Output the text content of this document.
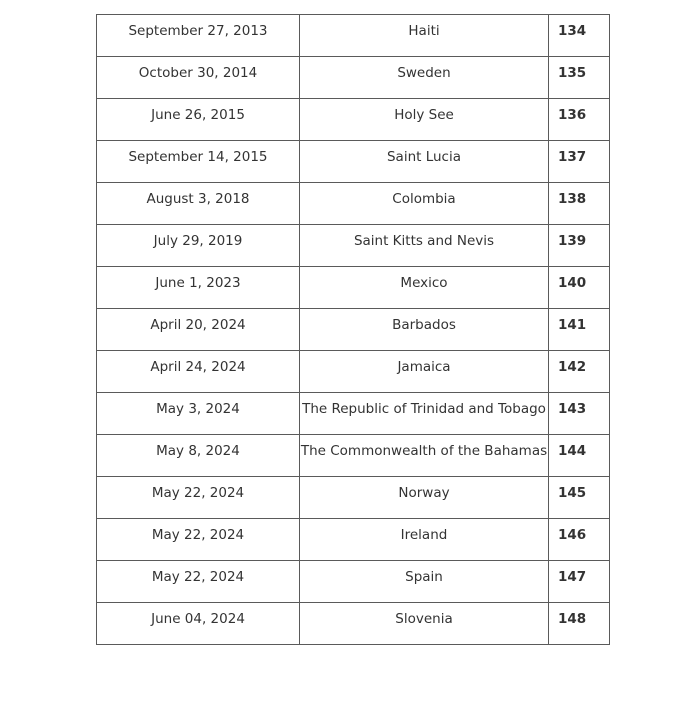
September 27, 2013	Haiti	134
October 30, 2014	Sweden	135
June 26, 2015	Holy See	136
September 14, 2015	Saint Lucia	137
August 3, 2018	Colombia	138
July 29, 2019	Saint Kitts and Nevis	139
June 1, 2023	Mexico	140
April 20, 2024	Barbados	141
April 24, 2024	Jamaica	142
May 3, 2024	The Republic of Trinidad and Tobago	143
May 8, 2024	The Commonwealth of the Bahamas	144
May 22, 2024	Norway	145
May 22, 2024	Ireland	146
May 22, 2024	Spain	147
June 04, 2024	Slovenia	148
